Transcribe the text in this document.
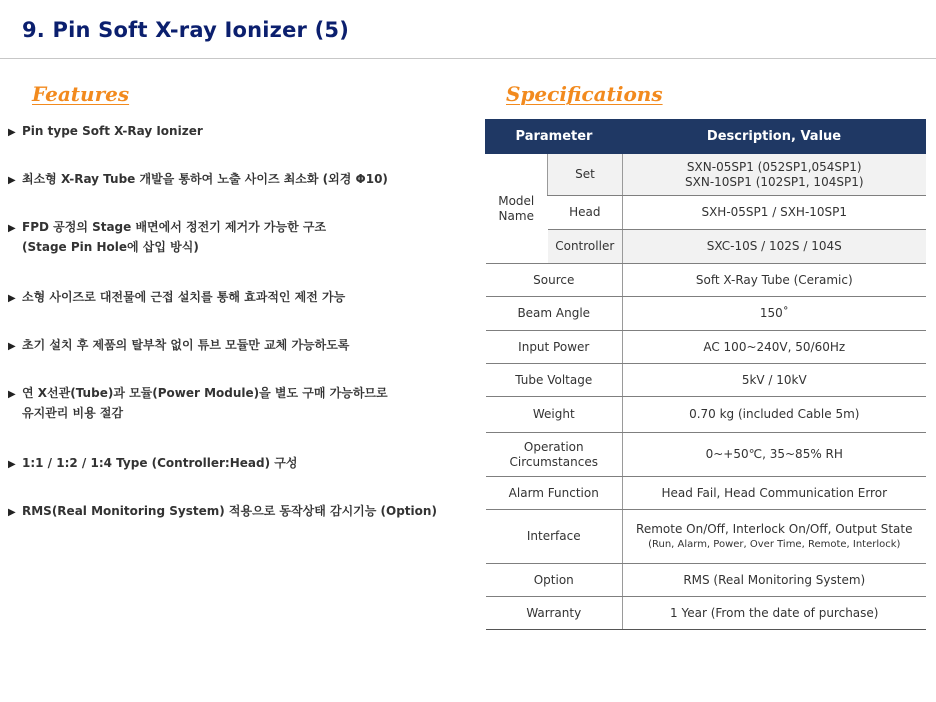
9. Pin Soft X-ray Ionizer (5)
Features	Specifications
▶ Pin type Soft X-Ray Ionizer
▶ 최소형 X-Ray Tube 개발을 통하여 노출 사이즈 최소화 (외경 Φ10)
▶ FPD 공정의 Stage 배면에서 정전기 제거가 가능한 구조
(Stage Pin Hole에 삽입 방식)
▶ 소형 사이즈로 대전물에 근접 설치를 통해 효과적인 제전 가능
▶ 초기 설치 후 제품의 탈부착 없이 튜브 모듈만 교체 가능하도록
▶ 연 X선관(Tube)과 모듈(Power Module)을 별도 구매 가능하므로
유지관리 비용 절감
▶ 1:1 / 1:2 / 1:4 Type (Controller:Head) 구성
▶ RMS(Real Monitoring System) 적용으로 동작상태 감시기능 (Option)
Parameter		Description, Value
Model Name	Set	SXN-05SP1 (052SP1,054SP1)
SXN-10SP1 (102SP1, 104SP1)

	Head	SXH-05SP1 / SXH-10SP1
	Controller	SXC-10S / 102S / 104S
Source		Soft X-Ray Tube (Ceramic)
Beam Angle		150˚
Input Power		AC 100~240V, 50/60Hz
Tube Voltage		5kV / 10kV
Weight		0.70 kg (included Cable 5m)
Operation Circumstances		0~+50℃, 35~85% RH
Alarm Function		Head Fail, Head Communication Error
Interface		Remote On/Off, Interlock On/Off, Output State
(Run, Alarm, Power, Over Time, Remote, Interlock)

Option		RMS (Real Monitoring System)
Warranty		1 Year (From the date of purchase)
